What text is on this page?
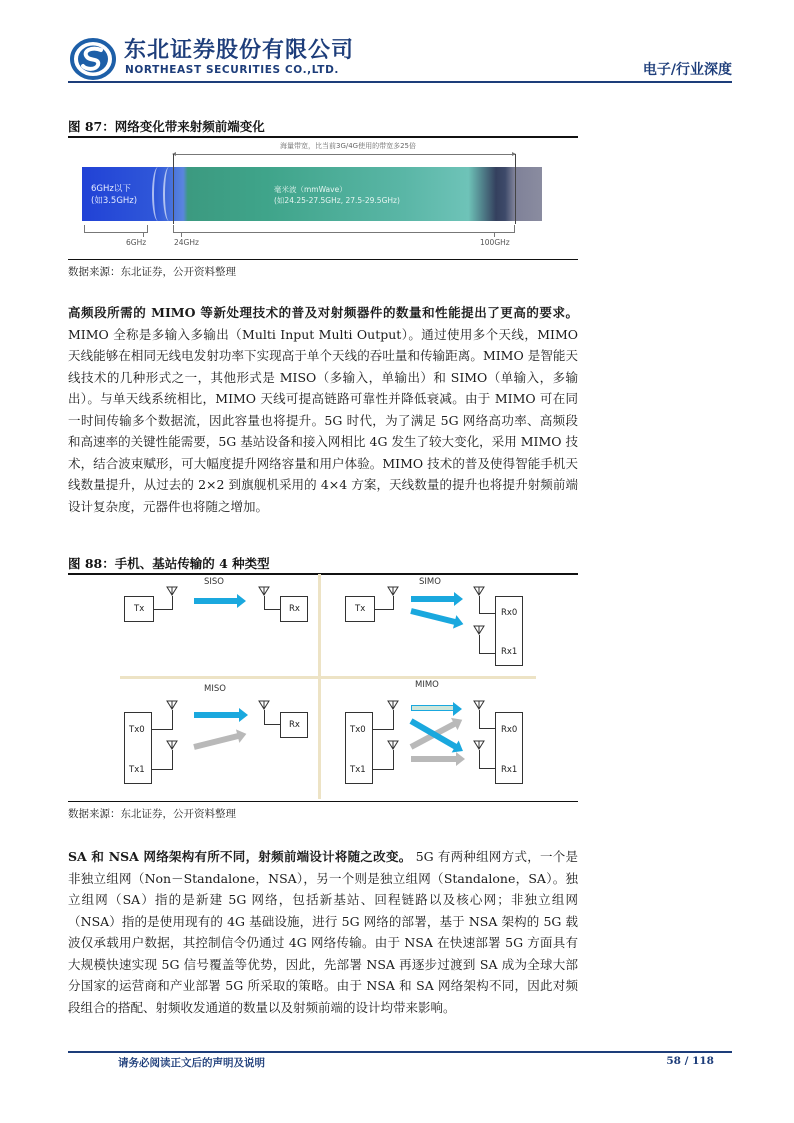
东北证券股份有限公司
NORTHEAST SECURITIES CO.,LTD.	电子/行业深度
图 87：网络变化带来射频前端变化
海量带宽，比当前3G/4G使用的带宽多25倍
6GHz以下
(如3.5GHz)
毫米波（mmWave）
(如24.25-27.5GHz, 27.5-29.5GHz)
6GHz	24GHz	100GHz
数据来源：东北证券，公开资料整理
高频段所需的 MIMO 等新处理技术的普及对射频器件的数量和性能提出了更高的要求。MIMO 全称是多输入多输出（Multi Input Multi Output）。通过使用多个天线，MIMO 天线能够在相同无线电发射功率下实现高于单个天线的吞吐量和传输距离。MIMO 是智能天线技术的几种形式之一，其他形式是 MISO（多输入，单输出）和 SIMO（单输入，多输出）。与单天线系统相比，MIMO 天线可提高链路可靠性并降低衰减。由于 MIMO 可在同一时间传输多个数据流，因此容量也将提升。5G 时代，为了满足 5G 网络高功率、高频段和高速率的关键性能需要，5G 基站设备和接入网相比 4G 发生了较大变化，采用 MIMO 技术，结合波束赋形，可大幅度提升网络容量和用户体验。MIMO 技术的普及使得智能手机天线数量提升，从过去的 2×2 到旗舰机采用的 4×4 方案，天线数量的提升也将提升射频前端设计复杂度，元器件也将随之增加。
图 88：手机、基站传输的 4 种类型
SISO
Tx	Rx
SIMO
Tx	Rx0
Rx1
MISO
Tx0
Tx1
Rx
MIMO
Tx0
Tx1
Rx0
Rx1
数据来源：东北证券，公开资料整理
SA 和 NSA 网络架构有所不同，射频前端设计将随之改变。 5G 有两种组网方式，一个是非独立组网（Non－Standalone，NSA），另一个则是独立组网（Standalone，SA）。独立组网（SA）指的是新建 5G 网络，包括新基站、回程链路以及核心网；非独立组网（NSA）指的是使用现有的 4G 基础设施，进行 5G 网络的部署，基于 NSA 架构的 5G 载波仅承载用户数据，其控制信令仍通过 4G 网络传输。由于 NSA 在快速部署 5G 方面具有大规模快速实现 5G 信号覆盖等优势，因此，先部署 NSA 再逐步过渡到 SA 成为全球大部分国家的运营商和产业部署 5G 所采取的策略。由于 NSA 和 SA 网络架构不同，因此对频段组合的搭配、射频收发通道的数量以及射频前端的设计均带来影响。
请务必阅读正文后的声明及说明	58 / 118
